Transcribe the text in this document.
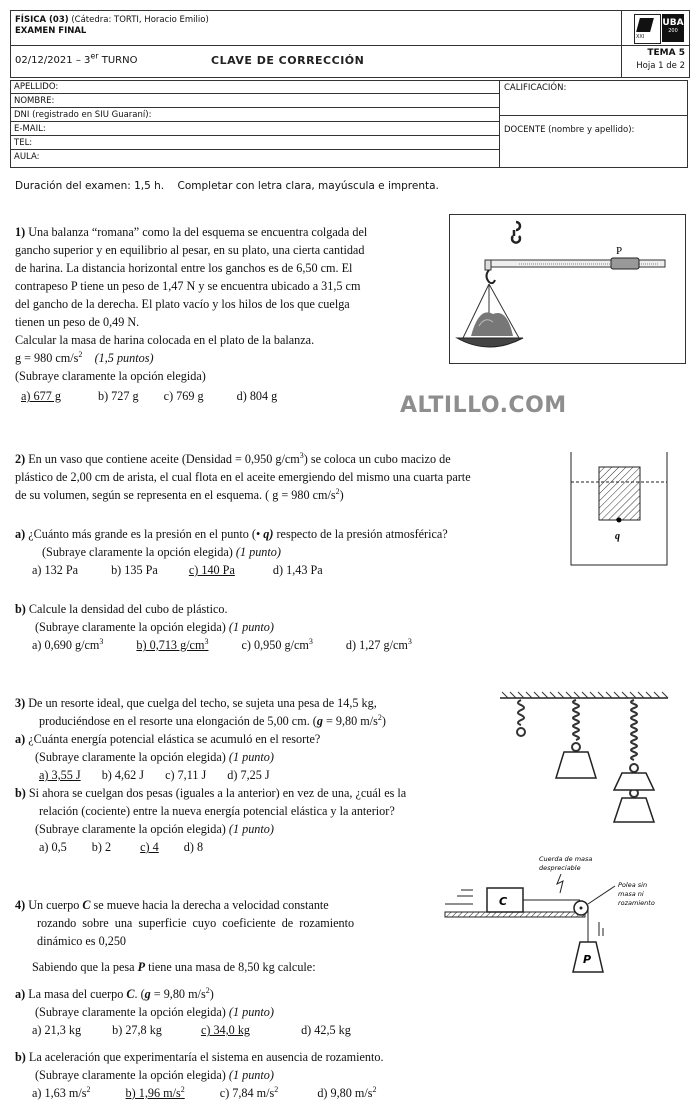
FÍSICA (03) (Cátedra: TORTI, Horacio Emilio)
EXAMEN FINAL
02/12/2021 – 3er TURNO	CLAVE DE CORRECCIÓN
XXI
UBA
200
TEMA 5
Hoja 1 de 2
APELLIDO:
NOMBRE:
DNI (registrado en SIU Guaraní):
E-MAIL:
TEL:
AULA:
CALIFICACIÓN:
DOCENTE (nombre y apellido):
Duración del examen: 1,5 h.    Completar con letra clara, mayúscula e imprenta.
1) Una balanza “romana” como la del esquema se encuentra colgada del
gancho superior y en equilibrio al pesar, en su plato, una cierta cantidad
de harina. La distancia horizontal entre los ganchos es de 6,50 cm. El
contrapeso P tiene un peso de 1,47 N y se encuentra ubicado a 31,5 cm
del gancho de la derecha. El plato vacío y los hilos de los que cuelga
tienen un peso de 0,49 N.
Calcular la masa de harina colocada en el plato de la balanza.
g = 980 $cm/s^2$ (1,5 puntos)
(Subraye claramente la opción elegida)
a) 677 g	b) 727 g c) 769 g	d) 804 g
P
ALTILLO.COM
2) En un vaso que contiene aceite (Densidad = 0,950 $g/cm^3$) se coloca un cubo macizo de
plástico de 2,00 cm de arista, el cual flota en el aceite emergiendo del mismo una cuarta parte
de su volumen, según se representa en el esquema. ( g = 980 $cm/s^2$)
q
a) ¿Cuánto más grande es la presión en el punto (• q) respecto de la presión atmosférica?
(Subraye claramente la opción elegida) (1 punto)
a) 132 Pa	b) 135 Pa	c) 140 Pa	d) 1,43 Pa
b) Calcule la densidad del cubo de plástico.
(Subraye claramente la opción elegida) (1 punto)
a) 0,690 $g/cm^3$	b) 0,713 $g/cm^3$	c) 0,950 $g/cm^3$	d) 1,27 $g/cm^3$
3) De un resorte ideal, que cuelga del techo, se sujeta una pesa de 14,5 kg,
produciéndose en el resorte una elongación de 5,00 cm. (g = 9,80 $m/s^2$)
a) ¿Cuánta energía potencial elástica se acumuló en el resorte?
(Subraye claramente la opción elegida) (1 punto)
a) 3,55 J b) 4,62 J c) 7,11 J d) 7,25 J
b) Si ahora se cuelgan dos pesas (iguales a la anterior) en vez de una, ¿cuál es la
relación (cociente) entre la nueva energía potencial elástica y la anterior?
(Subraye claramente la opción elegida) (1 punto)
a) 0,5 b) 2 c) 4 d) 8
4) Un cuerpo C se mueve hacia la derecha a velocidad constante
rozando sobre una superficie cuyo coeficiente de rozamiento
dinámico es 0,250
Sabiendo que la pesa P tiene una masa de 8,50 kg calcule:
Cuerda de masa
despreciable
Polea sin
masa ni
rozamiento
C
P
a) La masa del cuerpo C. (g = 9,80 $m/s^2$)
(Subraye claramente la opción elegida) (1 punto)
a) 21,3 kg	b) 27,8 kg	c) 34,0 kg	d) 42,5 kg
b) La aceleración que experimentaría el sistema en ausencia de rozamiento.
(Subraye claramente la opción elegida) (1 punto)
a) 1,63 $m/s^2$	b) 1,96 $m/s^2$	c) 7,84 $m/s^2$	d) 9,80 $m/s^2$
